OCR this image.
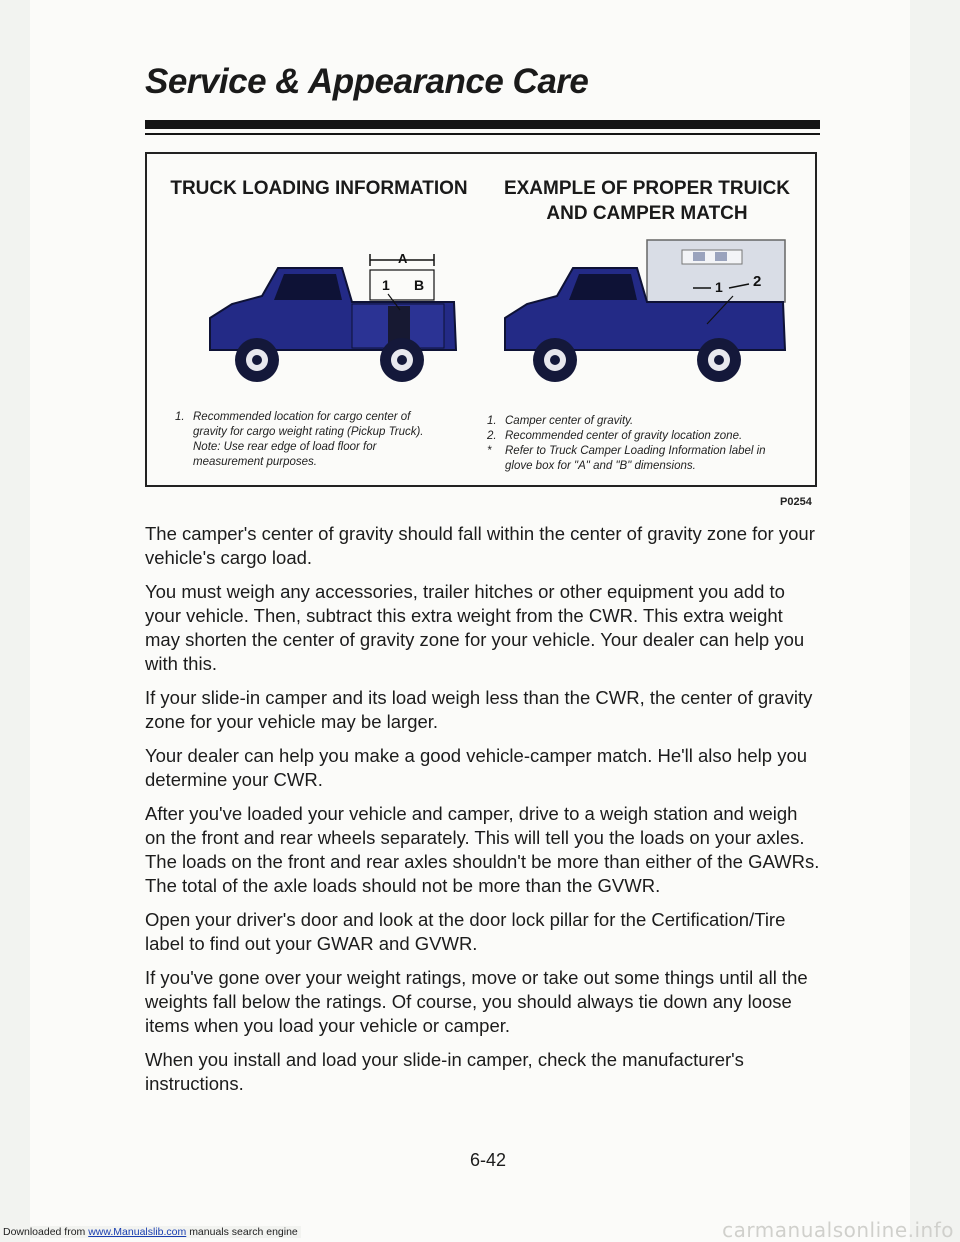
Service & Appearance Care
TRUCK LOADING INFORMATION	EXAMPLE OF PROPER TRUICK
AND CAMPER MATCH
A
1 B	1 2
1. Recommended location for cargo center of gravity for cargo weight rating (Pickup Truck).
Note: Use rear edge of load floor for measurement purposes.
1. Camper center of gravity.
2. Recommended center of gravity location zone.
* Refer to Truck Camper Loading Information label in glove box for "A" and "B" dimensions.
P0254

The camper's center of gravity should fall within the center of gravity zone for your vehicle's cargo load.

You must weigh any accessories, trailer hitches or other equipment you add to your vehicle. Then, subtract this extra weight from the CWR. This extra weight may shorten the center of gravity zone for your vehicle. Your dealer can help you with this.

If your slide-in camper and its load weigh less than the CWR, the center of gravity zone for your vehicle may be larger.

Your dealer can help you make a good vehicle-camper match. He'll also help you determine your CWR.

After you've loaded your vehicle and camper, drive to a weigh station and weigh on the front and rear wheels separately. This will tell you the loads on your axles. The loads on the front and rear axles shouldn't be more than either of the GAWRs. The total of the axle loads should not be more than the GVWR.

Open your driver's door and look at the door lock pillar for the Certification/Tire label to find out your GWAR and GVWR.

If you've gone over your weight ratings, move or take out some things until all the weights fall below the ratings. Of course, you should always tie down any loose items when you load your vehicle or camper.

When you install and load your slide-in camper, check the manufacturer's instructions.

6-42
Downloaded from www.Manualslib.com manuals search engine	carmanualsonline.info
